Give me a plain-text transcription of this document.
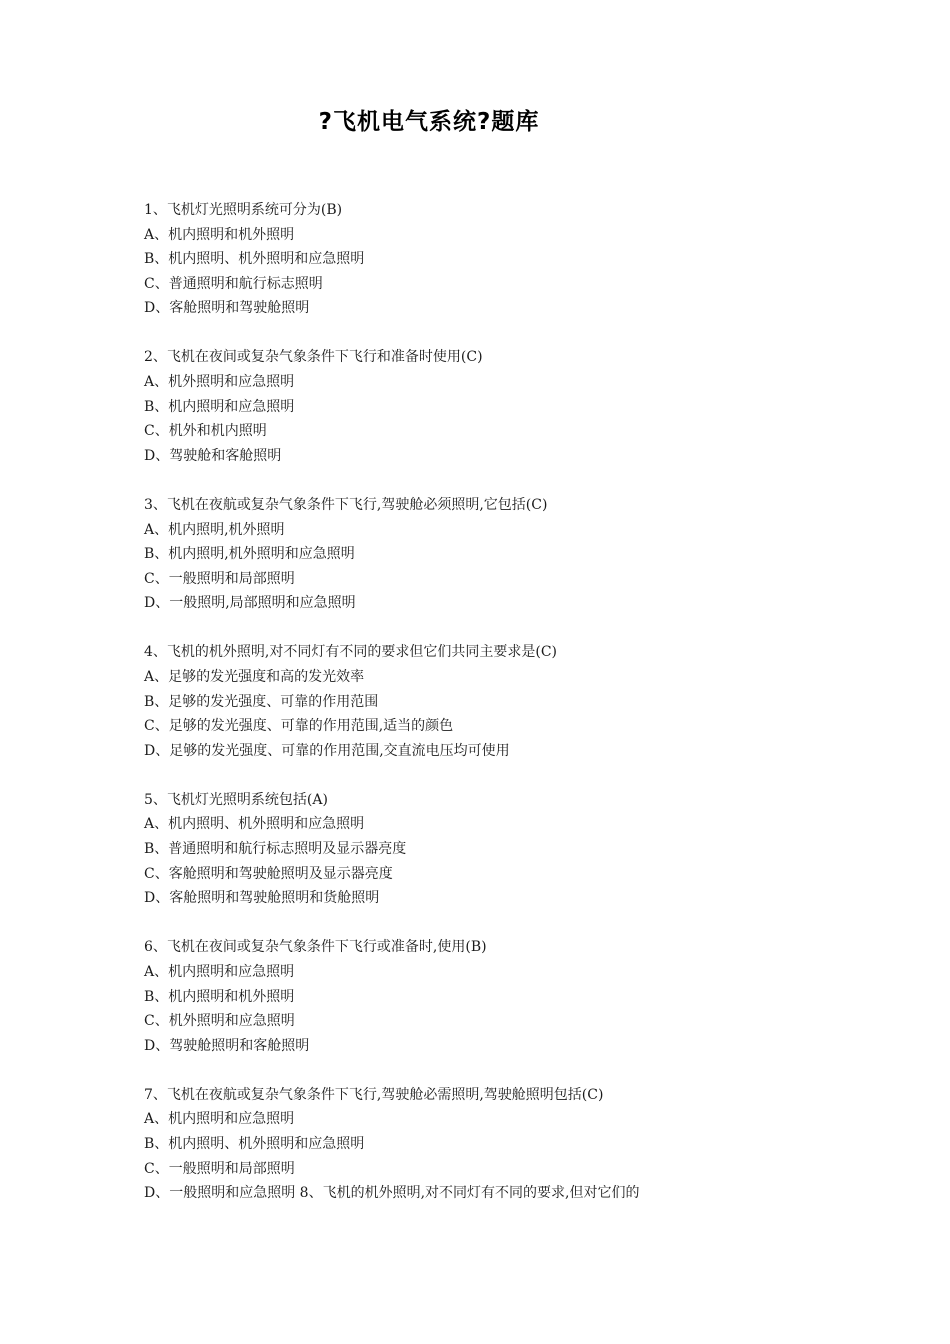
?飞机电气系统?题库
1、飞机灯光照明系统可分为(B)
A、机内照明和机外照明
B、机内照明、机外照明和应急照明
C、普通照明和航行标志照明
D、客舱照明和驾驶舱照明
2、飞机在夜间或复杂气象条件下飞行和准备时使用(C)
A、机外照明和应急照明
B、机内照明和应急照明
C、机外和机内照明
D、驾驶舱和客舱照明
3、飞机在夜航或复杂气象条件下飞行,驾驶舱必须照明,它包括(C)
A、机内照明,机外照明
B、机内照明,机外照明和应急照明
C、一般照明和局部照明
D、一般照明,局部照明和应急照明
4、飞机的机外照明,对不同灯有不同的要求但它们共同主要求是(C)
A、足够的发光强度和高的发光效率
B、足够的发光强度、可靠的作用范围
C、足够的发光强度、可靠的作用范围,适当的颜色
D、足够的发光强度、可靠的作用范围,交直流电压均可使用
5、飞机灯光照明系统包括(A)
A、机内照明、机外照明和应急照明
B、普通照明和航行标志照明及显示器亮度
C、客舱照明和驾驶舱照明及显示器亮度
D、客舱照明和驾驶舱照明和货舱照明
6、飞机在夜间或复杂气象条件下飞行或准备时,使用(B)
A、机内照明和应急照明
B、机内照明和机外照明
C、机外照明和应急照明
D、驾驶舱照明和客舱照明
7、飞机在夜航或复杂气象条件下飞行,驾驶舱必需照明,驾驶舱照明包括(C)
A、机内照明和应急照明
B、机内照明、机外照明和应急照明
C、一般照明和局部照明
D、一般照明和应急照明 8、飞机的机外照明,对不同灯有不同的要求,但对它们的
